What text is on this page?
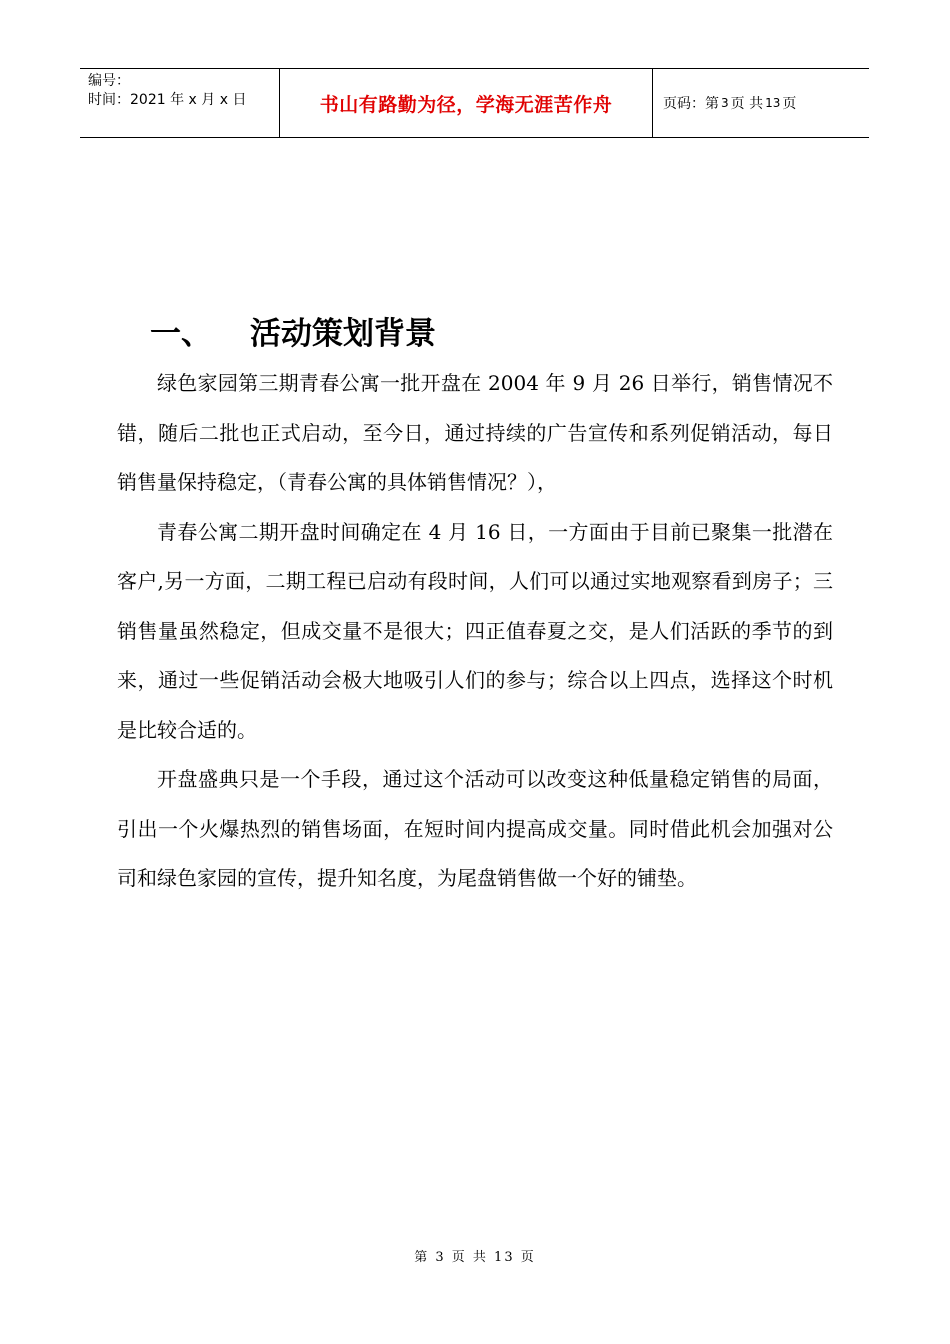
编号：
时间：2021 年 x 月 x 日	书山有路勤为径，学海无涯苦作舟	页码：第 3 页 共 13 页
一、	活动策划背景

绿色家园第三期青春公寓一批开盘在 2004 年 9 月 26 日举行，销售情况不错，随后二批也正式启动，至今日，通过持续的广告宣传和系列促销活动，每日销售量保持稳定，（青春公寓的具体销售情况？），

青春公寓二期开盘时间确定在 4 月 16 日，一方面由于目前已聚集一批潜在客户,另一方面，二期工程已启动有段时间，人们可以通过实地观察看到房子；三销售量虽然稳定，但成交量不是很大；四正值春夏之交，是人们活跃的季节的到来，通过一些促销活动会极大地吸引人们的参与；综合以上四点，选择这个时机是比较合适的。

开盘盛典只是一个手段，通过这个活动可以改变这种低量稳定销售的局面，引出一个火爆热烈的销售场面，在短时间内提高成交量。同时借此机会加强对公司和绿色家园的宣传，提升知名度，为尾盘销售做一个好的铺垫。

第 3 页 共 13 页
